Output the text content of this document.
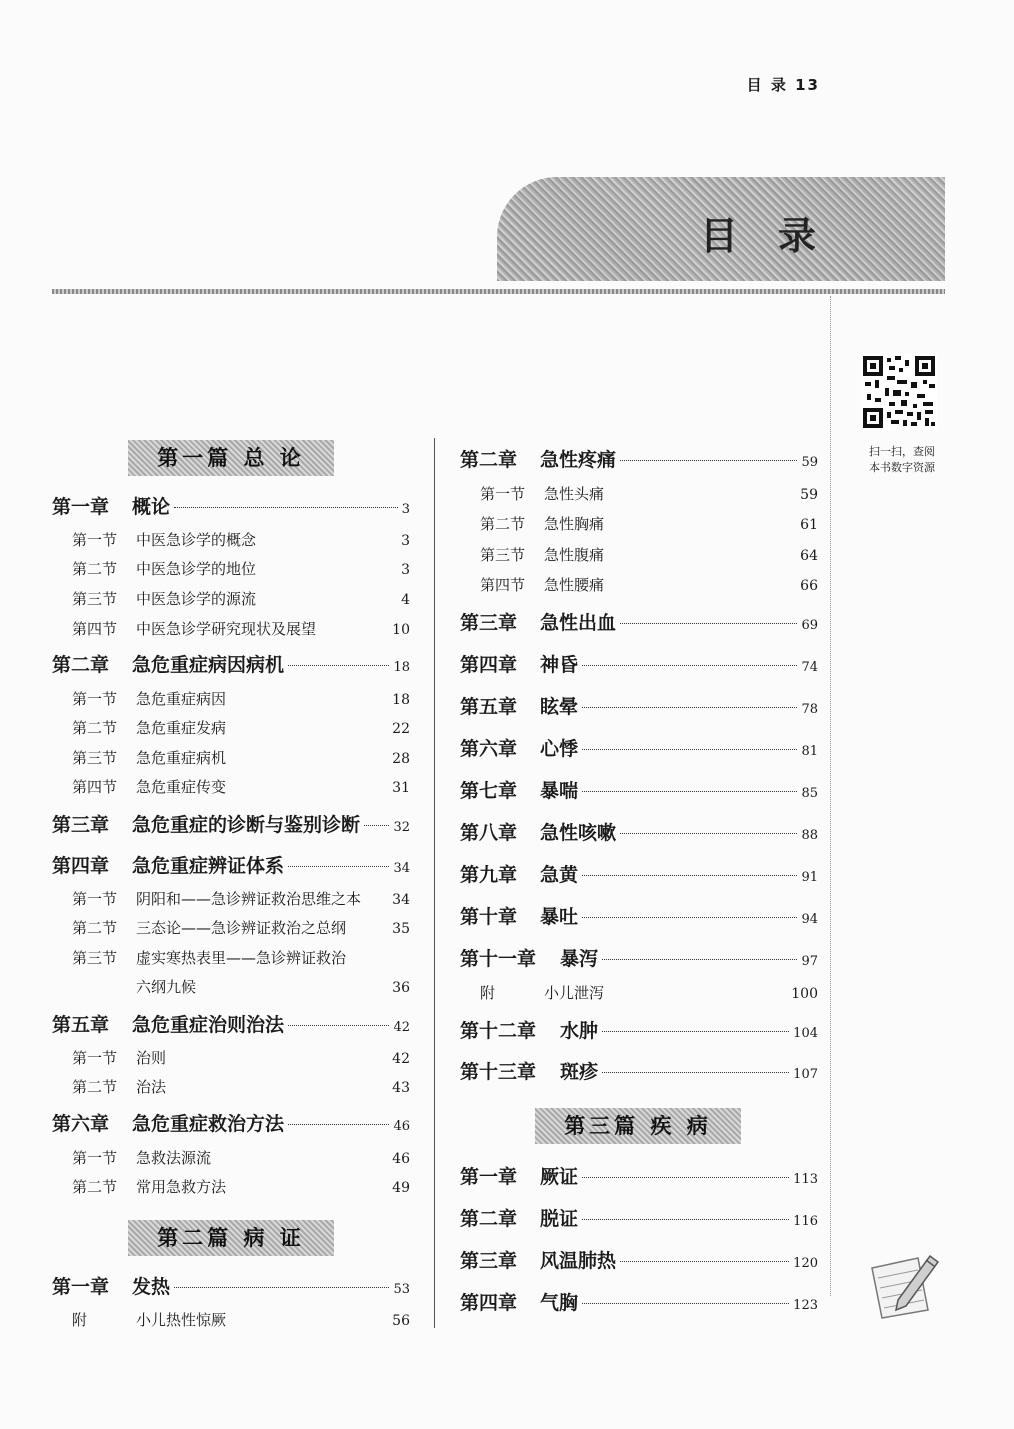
目 录 13
目录
扫一扫，查阅
本书数字资源
第一篇 总 论
第二篇 病 证
第三篇 疾 病
第一章	概论	3
第一节	中医急诊学的概念	3
第二节	中医急诊学的地位	3
第三节	中医急诊学的源流	4
第四节	中医急诊学研究现状及展望	10
第二章	急危重症病因病机	18
第一节	急危重症病因	18
第二节	急危重症发病	22
第三节	急危重症病机	28
第四节	急危重症传变	31
第三章	急危重症的诊断与鉴别诊断	32
第四章	急危重症辨证体系	34
第一节	阴阳和——急诊辨证救治思维之本	34
第二节	三态论——急诊辨证救治之总纲	35
第三节	虚实寒热表里——急诊辨证救治
六纲九候	36
第五章	急危重症治则治法	42
第一节	治则	42
第二节	治法	43
第六章	急危重症救治方法	46
第一节	急救法源流	46
第二节	常用急救方法	49
第一章	发热	53
附	小儿热性惊厥	56
第二章	急性疼痛	59
第一节	急性头痛	59
第二节	急性胸痛	61
第三节	急性腹痛	64
第四节	急性腰痛	66
第三章	急性出血	69
第四章	神昏	74
第五章	眩晕	78
第六章	心悸	81
第七章	暴喘	85
第八章	急性咳嗽	88
第九章	急黄	91
第十章	暴吐	94
第十一章	暴泻	97
附	小儿泄泻	100
第十二章	水肿	104
第十三章	斑疹	107
第一章	厥证	113
第二章	脱证	116
第三章	风温肺热	120
第四章	气胸	123
